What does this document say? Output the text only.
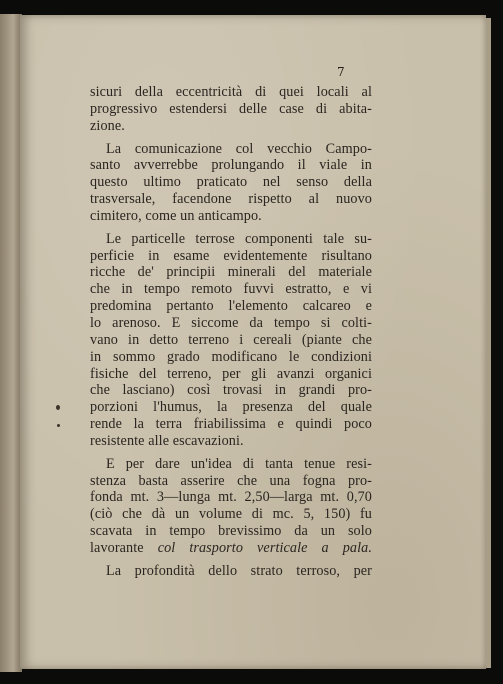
7
sicuri della eccentricità di quei locali al
progressivo estendersi delle case di abita-
zione.
La comunicazione col vecchio Campo-
santo avverrebbe prolungando il viale in
questo ultimo praticato nel senso della
trasversale, facendone rispetto al nuovo
cimitero, come un anticampo.
Le particelle terrose componenti tale su-
perficie in esame evidentemente risultano
ricche de' principii minerali del materiale
che in tempo remoto fuvvi estratto, e vi
predomina pertanto l'elemento calcareo e
lo arenoso. E siccome da tempo si colti-
vano in detto terreno i cereali (piante che
in sommo grado modificano le condizioni
fisiche del terreno, per gli avanzi organici
che lasciano) così trovasi in grandi pro-
porzioni l'humus, la presenza del quale
rende la terra friabilissima e quindi poco
resistente alle escavazioni.
E per dare un'idea di tanta tenue resi-
stenza basta asserire che una fogna pro-
fonda mt. 3—lunga mt. 2,50—larga mt. 0,70
(ciò che dà un volume di mc. 5, 150) fu
scavata in tempo brevissimo da un solo
lavorante col trasporto verticale a pala.
La profondità dello strato terroso, per
